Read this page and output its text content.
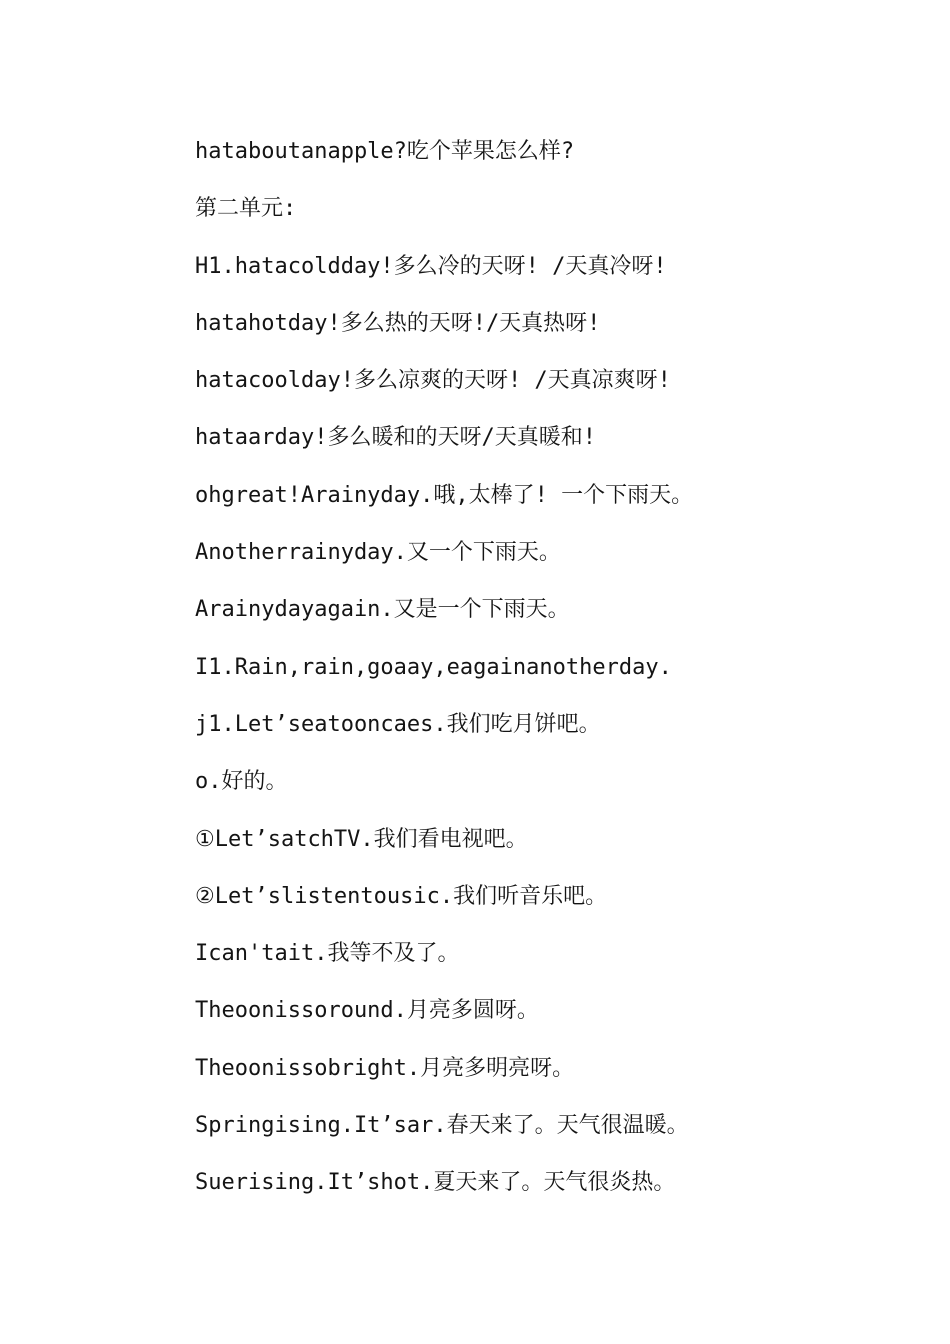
hataboutanapple?吃个苹果怎么样?
第二单元:
H1.hatacoldday!多么冷的天呀! /天真冷呀!
hatahotday!多么热的天呀!/天真热呀!
hatacoolday!多么凉爽的天呀! /天真凉爽呀!
hataarday!多么暖和的天呀/天真暖和!
ohgreat!Arainyday.哦,太棒了! 一个下雨天。
Anotherrainyday.又一个下雨天。
Arainydayagain.又是一个下雨天。
I1.Rain,rain,goaay,eagainanotherday.
j1.Let’seatooncaes.我们吃月饼吧。
o.好的。
①Let’satchTV.我们看电视吧。
②Let’slistentousic.我们听音乐吧。
Ican'tait.我等不及了。
Theoonissoround.月亮多圆呀。
Theoonissobright.月亮多明亮呀。
Springising.It’sar.春天来了。天气很温暖。
Suerising.It’shot.夏天来了。天气很炎热。
